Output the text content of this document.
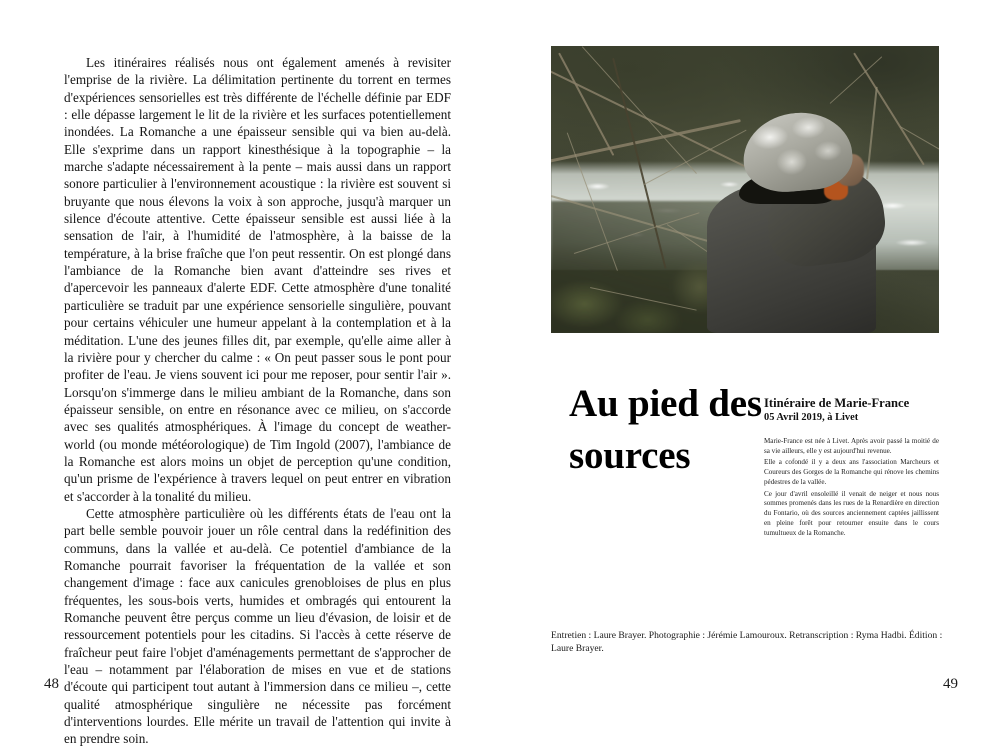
Les itinéraires réalisés nous ont également amenés à revisiter l'emprise de la rivière. La délimitation pertinente du torrent en termes d'expériences sensorielles est très différente de l'échelle définie par EDF : elle dépasse largement le lit de la rivière et les surfaces potentiellement inondées. La Romanche a une épaisseur sensible qui va bien au-delà. Elle s'exprime dans un rapport kinesthésique à la topographie – la marche s'adapte nécessairement à la pente – mais aussi dans un rapport sonore particulier à l'environnement acoustique : la rivière est souvent si bruyante que nous élevons la voix à son approche, jusqu'à marquer un silence d'écoute attentive. Cette épaisseur sensible est aussi liée à la sensation de l'air, à l'humidité de l'atmosphère, à la baisse de la température, à la brise fraîche que l'on peut ressentir. On est plongé dans l'ambiance de la Romanche bien avant d'atteindre ses rives et d'apercevoir les panneaux d'alerte EDF. Cette atmosphère d'une tonalité particulière se traduit par une expérience sensorielle singulière, pouvant pour certains véhiculer une humeur appelant à la contemplation et à la méditation. L'une des jeunes filles dit, par exemple, qu'elle aime aller à la rivière pour y chercher du calme : « On peut passer sous le pont pour profiter de l'eau. Je viens souvent ici pour me reposer, pour sentir l'air ». Lorsqu'on s'immerge dans le milieu ambiant de la Romanche, dans son épaisseur sensible, on entre en résonance avec ce milieu, on s'accorde avec ses qualités atmosphériques. À l'image du concept de weather-world (ou monde météorologique) de Tim Ingold (2007), l'ambiance de la Romanche est alors moins un objet de perception qu'une condition, qu'un prisme de l'expérience à travers lequel on peut entrer en vibration et s'accorder à la tonalité du milieu.

Cette atmosphère particulière où les différents états de l'eau ont la part belle semble pouvoir jouer un rôle central dans la redéfinition des communs, dans la vallée et au-delà. Ce potentiel d'ambiance de la Romanche pourrait favoriser la fréquentation de la vallée et son changement d'image : face aux canicules grenobloises de plus en plus fréquentes, les sous-bois verts, humides et ombragés qui entourent la Romanche peuvent être perçus comme un lieu d'évasion, de loisir et de ressourcement potentiels pour les citadins. Si l'accès à cette réserve de fraîcheur peut faire l'objet d'aménagements permettant de s'approcher de l'eau – notamment par l'élaboration de mises en vue et de stations d'écoute qui participent tout autant à l'immersion dans ce milieu –, cette qualité atmosphérique singulière ne nécessite pas forcément d'interventions lourdes. Elle mérite un travail de l'attention qui invite à en prendre soin.

48
Au pied des sources
Itinéraire de Marie-France
05 Avril 2019, à Livet

Marie-France est née à Livet. Après avoir passé la moitié de sa vie ailleurs, elle y est aujourd'hui revenue.

Elle a cofondé il y a deux ans l'association Marcheurs et Coureurs des Gorges de la Romanche qui rénove les chemins pédestres de la vallée.

Ce jour d'avril ensoleillé il venait de neiger et nous nous sommes promenés dans les rues de la Renardière en direction du Fontario, où des sources anciennement captées jaillissent en pleine forêt pour retourner ensuite dans le cours tumultueux de la Romanche.

Entretien : Laure Brayer. Photographie : Jérémie Lamouroux. Retranscription : Ryma Hadbi. Édition : Laure Brayer.
49
